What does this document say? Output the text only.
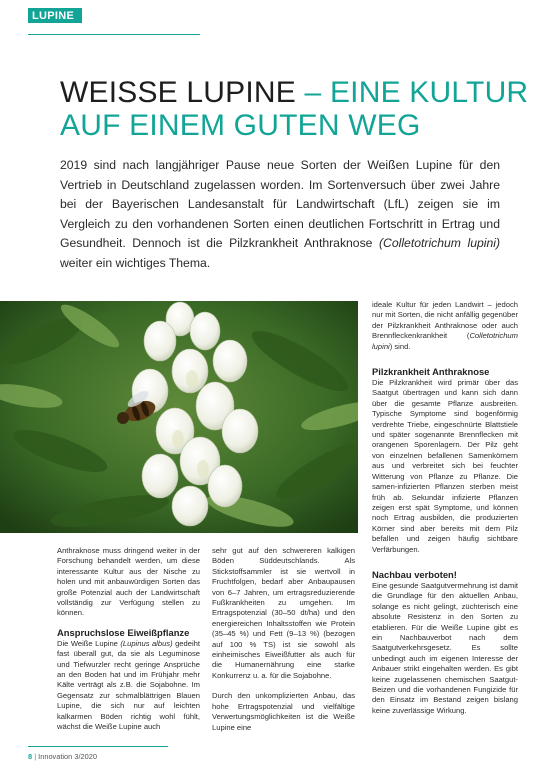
LUPINE
WEISSE LUPINE – EINE KULTUR AUF EINEM GUTEN WEG

2019 sind nach langjähriger Pause neue Sorten der Weißen Lupine für den Vertrieb in Deutschland zugelassen worden. Im Sortenversuch über zwei Jahre bei der Bayerischen Landesanstalt für Landwirtschaft (LfL) zeigen sie im Vergleich zu den vorhandenen Sorten einen deutlichen Fortschritt in Ertrag und Gesundheit. Dennoch ist die Pilzkrankheit Anthraknose (Colletotrichum lupini) weiter ein wichtiges Thema.

Anthraknose muss dringend weiter in der Forschung behandelt werden, um diese interessante Kultur aus der Nische zu holen und mit anbauwürdigen Sorten das große Potenzial auch der Landwirtschaft vollständig zur Verfügung stellen zu können.

Anspruchslose Eiweißpflanze

Die Weiße Lupine (Lupinus albus) gedeiht fast überall gut, da sie als Leguminose und Tiefwurzler recht geringe Ansprüche an den Boden hat und im Frühjahr mehr Kälte verträgt als z.B. die Sojabohne. Im Gegensatz zur schmalblättrigen Blauen Lupine, die sich nur auf leichten kalkarmen Böden richtig wohl fühlt, wächst die Weiße Lupine auch

sehr gut auf den schwereren kalkigen Böden Süddeutschlands. Als Stickstoffsammler ist sie wertvoll in Fruchtfolgen, bedarf aber Anbaupausen von 6–7 Jahren, um ertragsreduzierende Fußkrankheiten zu umgehen. Im Ertragspotenzial (30–50 dt/ha) und den energiereichen Inhaltsstoffen wie Protein (35–45 %) und Fett (9–13 %) (bezogen auf 100 % TS) ist sie sowohl als einheimisches Eiweißfutter als auch für die Humanernährung eine starke Konkurrenz u. a. für die Sojabohne.

Durch den unkomplizierten Anbau, das hohe Ertragspotenzial und vielfältige Verwertungsmöglichkeiten ist die Weiße Lupine eine

ideale Kultur für jeden Landwirt – jedoch nur mit Sorten, die nicht anfällig gegenüber der Pilzkrankheit Anthraknose oder auch Brennfleckenkrankheit (Colletotrichum lupini) sind.

Pilzkrankheit Anthraknose

Die Pilzkrankheit wird primär über das Saatgut übertragen und kann sich dann über die gesamte Pflanze ausbreiten. Typische Symptome sind bogenförmig verdrehte Triebe, eingeschnürte Blattstiele und später sogenannte Brennflecken mit orangenen Sporenlagern. Der Pilz geht von einzelnen befallenen Samenkörnern aus und verbreitet sich bei feuchter Witterung von Pflanze zu Pflanze. Die samen-infizierten Pflanzen sterben meist früh ab. Sekundär infizierte Pflanzen zeigen erst spät Symptome, und können noch Ertrag ausbilden, die produzierten Körner sind aber bereits mit dem Pilz befallen und zeigen häufig sichtbare Verfärbungen.

Nachbau verboten!

Eine gesunde Saatgutvermehrung ist damit die Grundlage für den aktuellen Anbau, solange es nicht gelingt, züchterisch eine absolute Resistenz in den Sorten zu etablieren. Für die Weiße Lupine gibt es ein Nachbauverbot nach dem Saatgutverkehrsgesetz. Es sollte unbedingt auch im eigenen Interesse der Anbauer strikt eingehalten werden. Es gibt keine zugelassenen chemischen Saatgut-Beizen und die vorhandenen Fungizide für den Einsatz im Bestand zeigen bislang keine zuverlässige Wirkung.

8 | Innovation 3/2020
